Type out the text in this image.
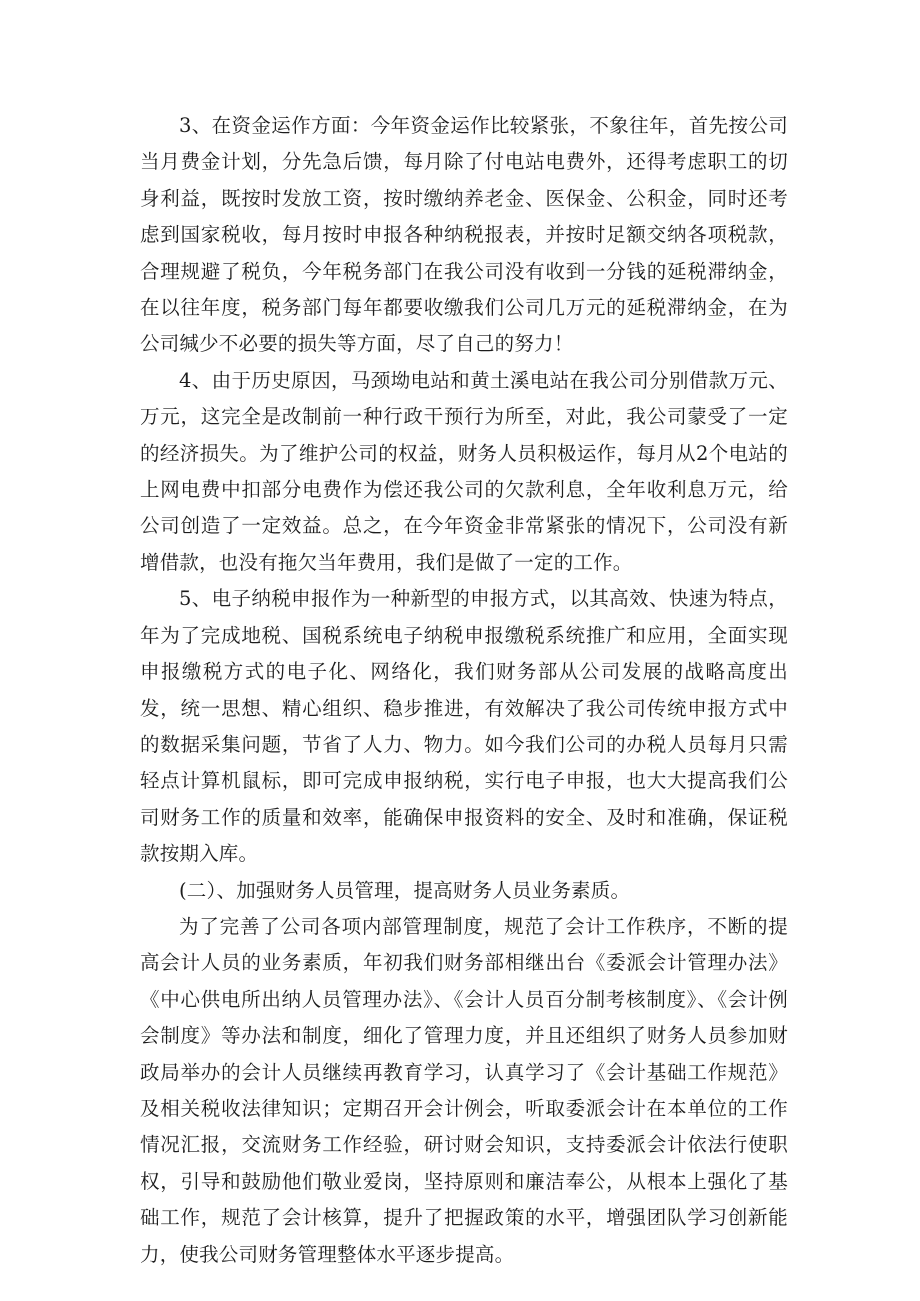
3、在资金运作方面：今年资金运作比较紧张，不象往年，首先按公司当月费金计划，分先急后馈，每月除了付电站电费外，还得考虑职工的切身利益，既按时发放工资，按时缴纳养老金、医保金、公积金，同时还考虑到国家税收，每月按时申报各种纳税报表，并按时足额交纳各项税款，合理规避了税负，今年税务部门在我公司没有收到一分钱的延税滞纳金，在以往年度，税务部门每年都要收缴我们公司几万元的延税滞纳金，在为公司缄少不必要的损失等方面，尽了自己的努力！

4、由于历史原因，马颈坳电站和黄土溪电站在我公司分别借款万元、万元，这完全是改制前一种行政干预行为所至，对此，我公司蒙受了一定的经济损失。为了维护公司的权益，财务人员积极运作，每月从2个电站的上网电费中扣部分电费作为偿还我公司的欠款利息，全年收利息万元，给公司创造了一定效益。总之，在今年资金非常紧张的情况下，公司没有新增借款，也没有拖欠当年费用，我们是做了一定的工作。

5、电子纳税申报作为一种新型的申报方式，以其高效、快速为特点，年为了完成地税、国税系统电子纳税申报缴税系统推广和应用，全面实现申报缴税方式的电子化、网络化，我们财务部从公司发展的战略高度出发，统一思想、精心组织、稳步推进，有效解决了我公司传统申报方式中的数据采集问题，节省了人力、物力。如今我们公司的办税人员每月只需轻点计算机鼠标，即可完成申报纳税，实行电子申报，也大大提高我们公司财务工作的质量和效率，能确保申报资料的安全、及时和准确，保证税款按期入库。

(二）、加强财务人员管理，提高财务人员业务素质。

为了完善了公司各项内部管理制度，规范了会计工作秩序，不断的提高会计人员的业务素质，年初我们财务部相继出台《委派会计管理办法》《中心供电所出纳人员管理办法》、《会计人员百分制考核制度》、《会计例会制度》等办法和制度，细化了管理力度，并且还组织了财务人员参加财政局举办的会计人员继续再教育学习，认真学习了《会计基础工作规范》及相关税收法律知识；定期召开会计例会，听取委派会计在本单位的工作情况汇报，交流财务工作经验，研讨财会知识，支持委派会计依法行使职权，引导和鼓励他们敬业爱岗，坚持原则和廉洁奉公，从根本上强化了基础工作，规范了会计核算，提升了把握政策的水平，增强团队学习创新能力，使我公司财务管理整体水平逐步提高。
